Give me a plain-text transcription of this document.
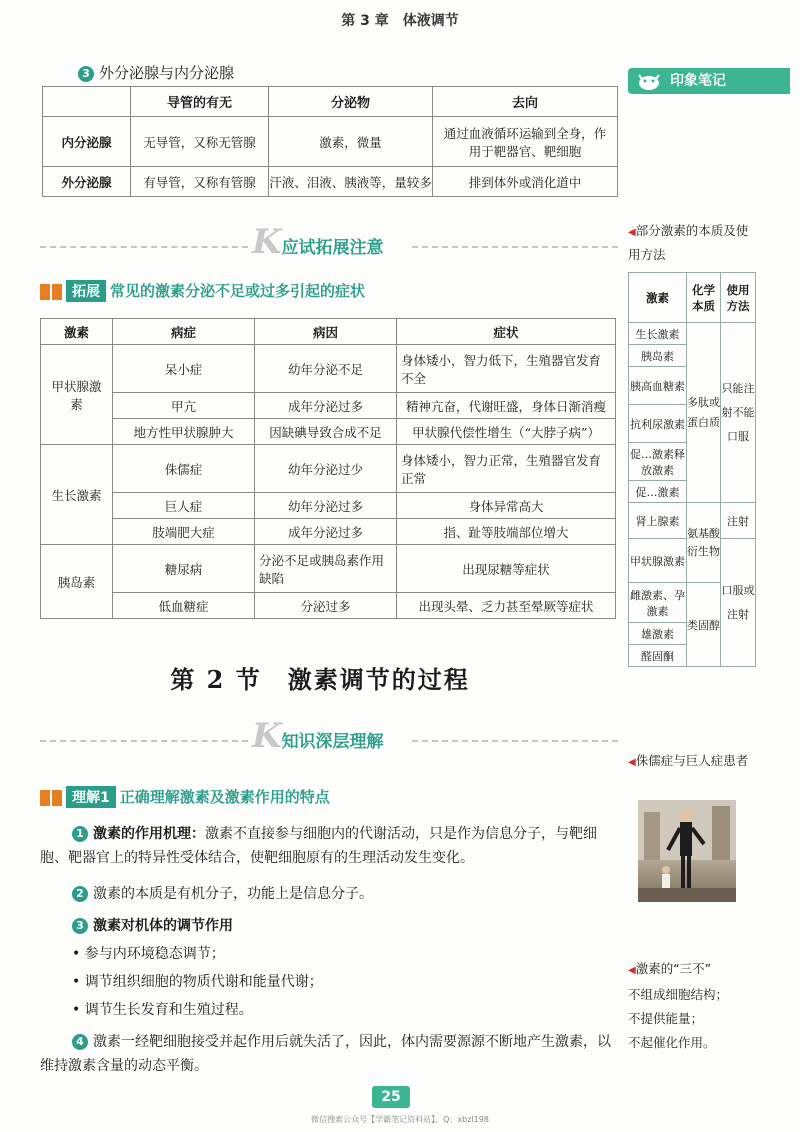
第 3 章　体液调节
3 外分泌腺与内分泌腺	印象笔记
	导管的有无	分泌物	去向
内分泌腺	无导管，又称无管腺	激素，微量	通过血液循环运输到全身，作用于靶器官、靶细胞
外分泌腺	有导管，又称有管腺	汗液、泪液、胰液等，量较多	排到体外或消化道中
K应试拓展注意
拓展 常见的激素分泌不足或过多引起的症状
激素	病症	病因	症状
甲状腺激素	呆小症	幼年分泌不足	身体矮小，智力低下，生殖器官发育不全
	甲亢	成年分泌过多	精神亢奋，代谢旺盛，身体日渐消瘦
	地方性甲状腺肿大	因缺碘导致合成不足	甲状腺代偿性增生（“大脖子病”）
生长激素	侏儒症	幼年分泌过少	身体矮小，智力正常，生殖器官发育正常
	巨人症	幼年分泌过多	身体异常高大
	肢端肥大症	成年分泌过多	指、趾等肢端部位增大
胰岛素	糖尿病	分泌不足或胰岛素作用缺陷	出现尿糖等症状
	低血糖症	分泌过多	出现头晕、乏力甚至晕厥等症状
第 2 节　激素调节的过程
K知识深层理解
理解1 正确理解激素及激素作用的特点
1 激素的作用机理：激素不直接参与细胞内的代谢活动，只是作为信息分子，与靶细胞、靶器官上的特异性受体结合，使靶细胞原有的生理活动发生变化。
2 激素的本质是有机分子，功能上是信息分子。
3 激素对机体的调节作用
• 参与内环境稳态调节；
• 调节组织细胞的物质代谢和能量代谢；
• 调节生长发育和生殖过程。
4 激素一经靶细胞接受并起作用后就失活了，因此，体内需要源源不断地产生激素，以维持激素含量的动态平衡。
◀部分激素的本质及使用方法
激素	化学本质	使用方法
生长激素	多肽或蛋白质	只能注射不能口服
胰岛素		
胰高血糖素		
抗利尿激素		
促…激素释放激素		
促…激素		
肾上腺素	氨基酸衍生物	注射
甲状腺激素		口服或注射
雌激素、孕激素	类固醇	
雄激素		
醛固酮		
◀侏儒症与巨人症患者
◀激素的“三不”
不组成细胞结构；
不提供能量；
不起催化作用。
25
微信搜索公众号【学霸笔记资料站】，Q：xbzl198
